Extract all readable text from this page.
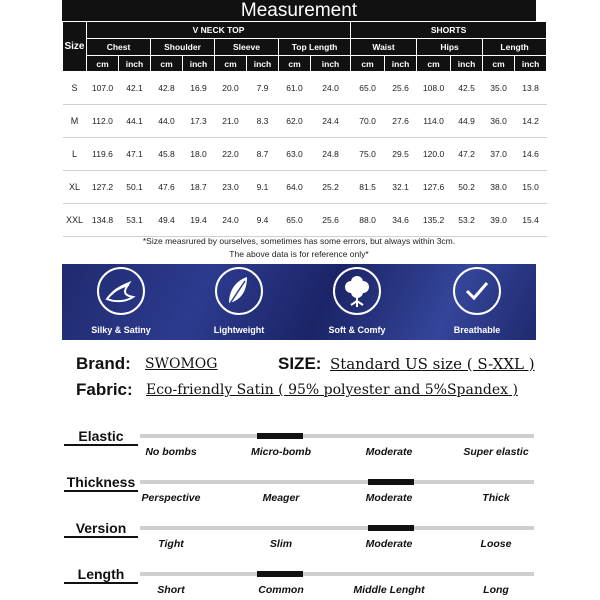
Measurement
Size	V NECK TOP								SHORTS					
	Chest		Shoulder		Sleeve		Top Length		Waist		Hips		Length	
	cm	inch	cm	inch	cm	inch	cm	inch	cm	inch	cm	inch	cm	inch
S	107.0	42.1	42.8	16.9	20.0	7.9	61.0	24.0	65.0	25.6	108.0	42.5	35.0	13.8
M	112.0	44.1	44.0	17.3	21.0	8.3	62.0	24.4	70.0	27.6	114.0	44.9	36.0	14.2
L	119.6	47.1	45.8	18.0	22.0	8.7	63.0	24.8	75.0	29.5	120.0	47.2	37.0	14.6
XL	127.2	50.1	47.6	18.7	23.0	9.1	64.0	25.2	81.5	32.1	127.6	50.2	38.0	15.0
XXL	134.8	53.1	49.4	19.4	24.0	9.4	65.0	25.6	88.0	34.6	135.2	53.2	39.0	15.4
*Size measrured by ourselves, sometimes has some errors, but always within 3cm.
The above data is for reference only*
Silky & Satiny	Lightweight	Soft & Comfy	Breathable
Brand: SWOMOG	SIZE: Standard US size ( S-XXL )
Fabric: Eco-friendly Satin ( 95% polyester and 5%Spandex )
Elastic
No bombs	Micro-bomb	Moderate	Super elastic
Thickness
Perspective	Meager	Moderate	Thick
Version
Tight	Slim	Moderate	Loose
Length
Short	Common	Middle Lenght	Long
